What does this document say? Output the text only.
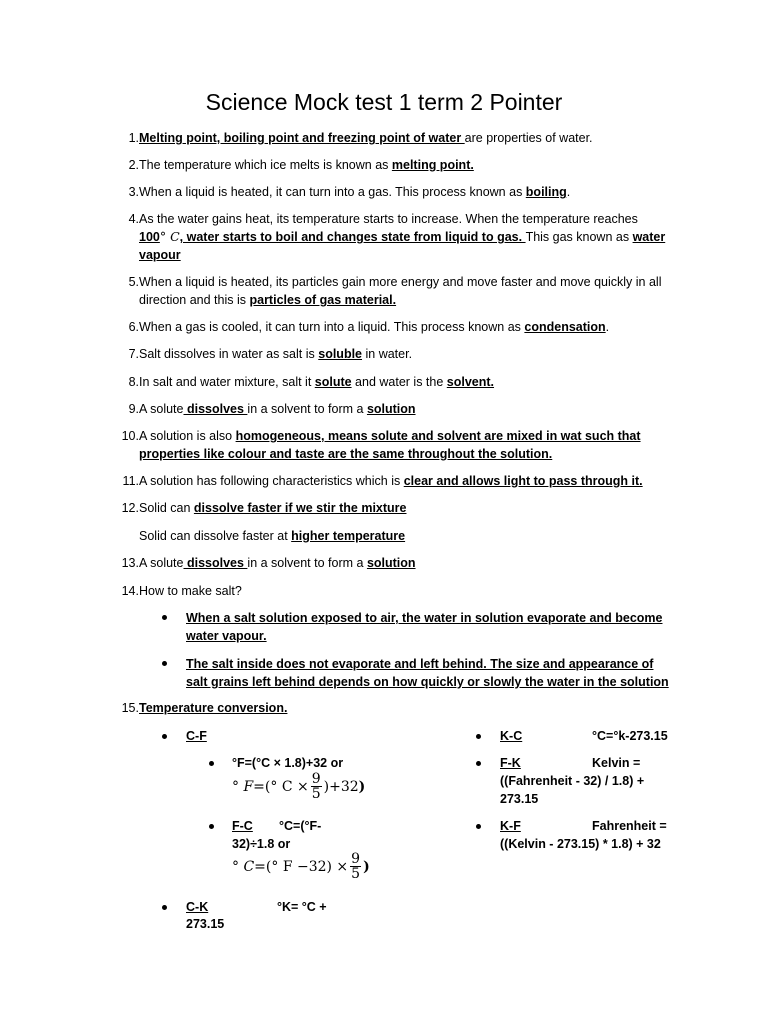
Science Mock test 1 term 2 Pointer
1. Melting point, boiling point and freezing point of water are properties of water.
2. The temperature which ice melts is known as melting point.
3. When a liquid is heated, it can turn into a gas. This process known as boiling.
4. As the water gains heat, its temperature starts to increase. When the temperature reaches
100° C, water starts to boil and changes state from liquid to gas. This gas known as water vapour
5. When a liquid is heated, its particles gain more energy and move faster and move quickly in all direction and this is particles of gas material.
6. When a gas is cooled, it can turn into a liquid. This process known as condensation.
7. Salt dissolves in water as salt is soluble in water.
8. In salt and water mixture, salt it solute and water is the solvent.
9. A solute dissolves in a solvent to form a solution
10. A solution is also homogeneous, means solute and solvent are mixed in wat such that properties like colour and taste are the same throughout the solution.
11. A solution has following characteristics which is clear and allows light to pass through it.
12. Solid can dissolve faster if we stir the mixture
Solid can dissolve faster at higher temperature
13. A solute dissolves in a solvent to form a solution
14. How to make salt?
When a salt solution exposed to air, the water in solution evaporate and become water vapour.
The salt inside does not evaporate and left behind. The size and appearance of salt grains left behind depends on how quickly or slowly the water in the solution
15. Temperature conversion.
C-F
°F=(°C × 1.8)+32 or
° F =(° $C \times \frac{9}{5} )+32$ )
F-C	°C=(°F-
32)÷1.8 or
° C =(° $F -32) \times \frac{9}{5}$ )
C-K	°K= °C +
273.15
K-C	°C=°k-273.15
F-K	Kelvin =
((Fahrenheit - 32) / 1.8) +
273.15
K-F	Fahrenheit =
((Kelvin - 273.15) * 1.8) + 32
